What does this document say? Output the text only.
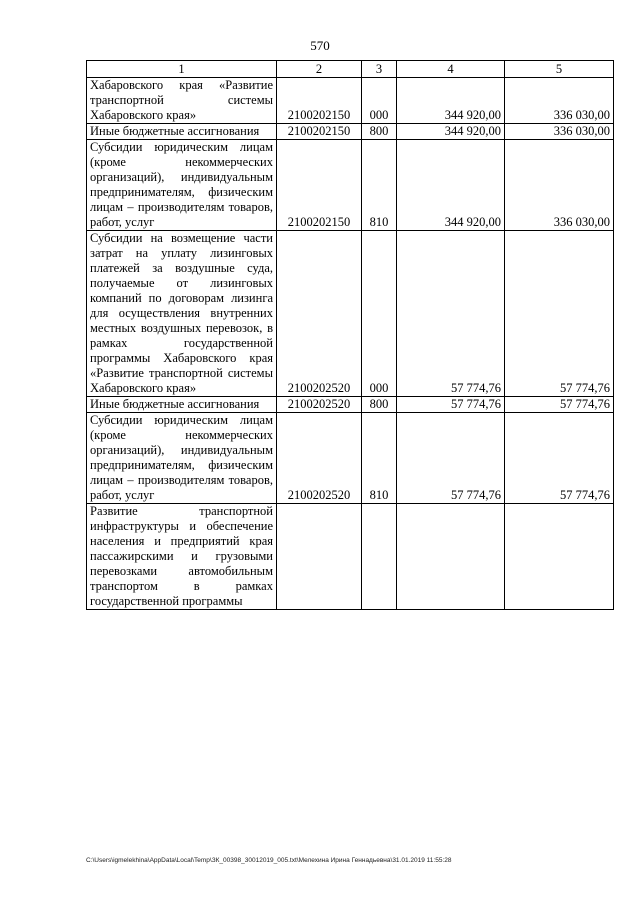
570
1	2	3	4	5
Хабаровского края «Развитие транспортной системы Хабаровского края»	2100202150	000	344 920,00	336 030,00
Иные бюджетные ассигнования	2100202150	800	344 920,00	336 030,00
Субсидии юридическим лицам (кроме некоммерческих организаций), индивидуальным предпринимателям, физическим лицам – производителям товаров, работ, услуг	2100202150	810	344 920,00	336 030,00
Субсидии на возмещение части затрат на уплату лизинговых платежей за воздушные суда, получаемые от лизинговых компаний по договорам лизинга для осуществления внутренних местных воздушных перевозок, в рамках государственной программы Хабаровского края «Развитие транспортной системы Хабаровского края»	2100202520	000	57 774,76	57 774,76
Иные бюджетные ассигнования	2100202520	800	57 774,76	57 774,76
Субсидии юридическим лицам (кроме некоммерческих организаций), индивидуальным предпринимателям, физическим лицам – производителям товаров, работ, услуг	2100202520	810	57 774,76	57 774,76
Развитие транспортной инфраструктуры и обеспечение населения и предприятий края пассажирскими и грузовыми перевозками автомобильным транспортом в рамках государственной программы				
C:\Users\igmelekhina\AppData\Local\Temp\ЗК_00398_30012019_005.txt\Мелехина Ирина Геннадьевна\31.01.2019 11:55:28
